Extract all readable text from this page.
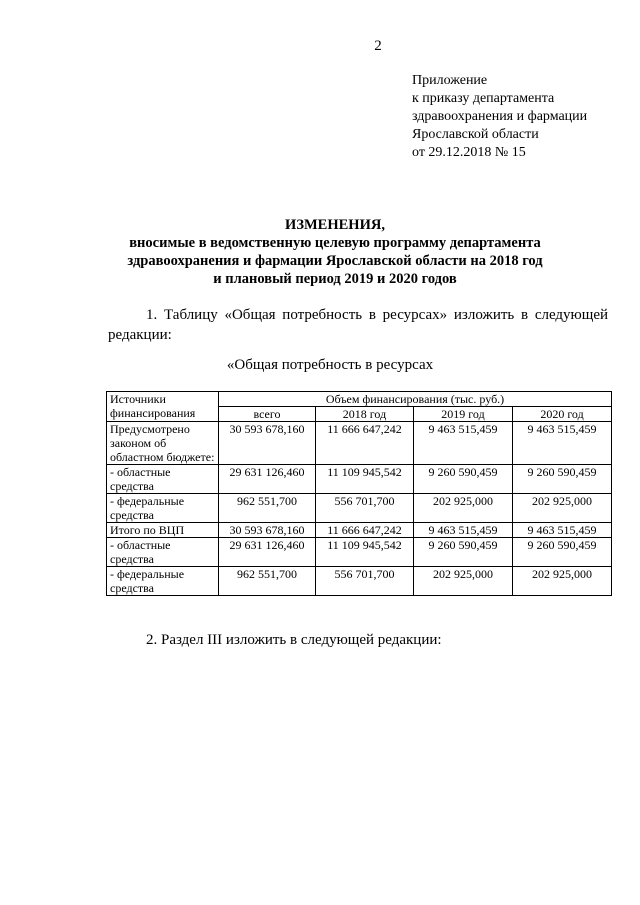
2
Приложение
к приказу департамента
здравоохранения и фармации
Ярославской области
от 29.12.2018 № 15
ИЗМЕНЕНИЯ,
вносимые в ведомственную целевую программу департамента
здравоохранения и фармации Ярославской области на 2018 год
и плановый период 2019 и 2020 годов
1. Таблицу «Общая потребность в ресурсах» изложить в следующей редакции:
«Общая потребность в ресурсах
Источники финансирования	Объем финансирования (тыс. руб.)			
	всего	2018 год	2019 год	2020 год
Предусмотрено законом об областном бюджете:	30 593 678,160	11 666 647,242	9 463 515,459	9 463 515,459
- областные средства	29 631 126,460	11 109 945,542	9 260 590,459	9 260 590,459
- федеральные средства	962 551,700	556 701,700	202 925,000	202 925,000
Итого по ВЦП	30 593 678,160	11 666 647,242	9 463 515,459	9 463 515,459
- областные средства	29 631 126,460	11 109 945,542	9 260 590,459	9 260 590,459
- федеральные средства	962 551,700	556 701,700	202 925,000	202 925,000
2. Раздел III изложить в следующей редакции:
